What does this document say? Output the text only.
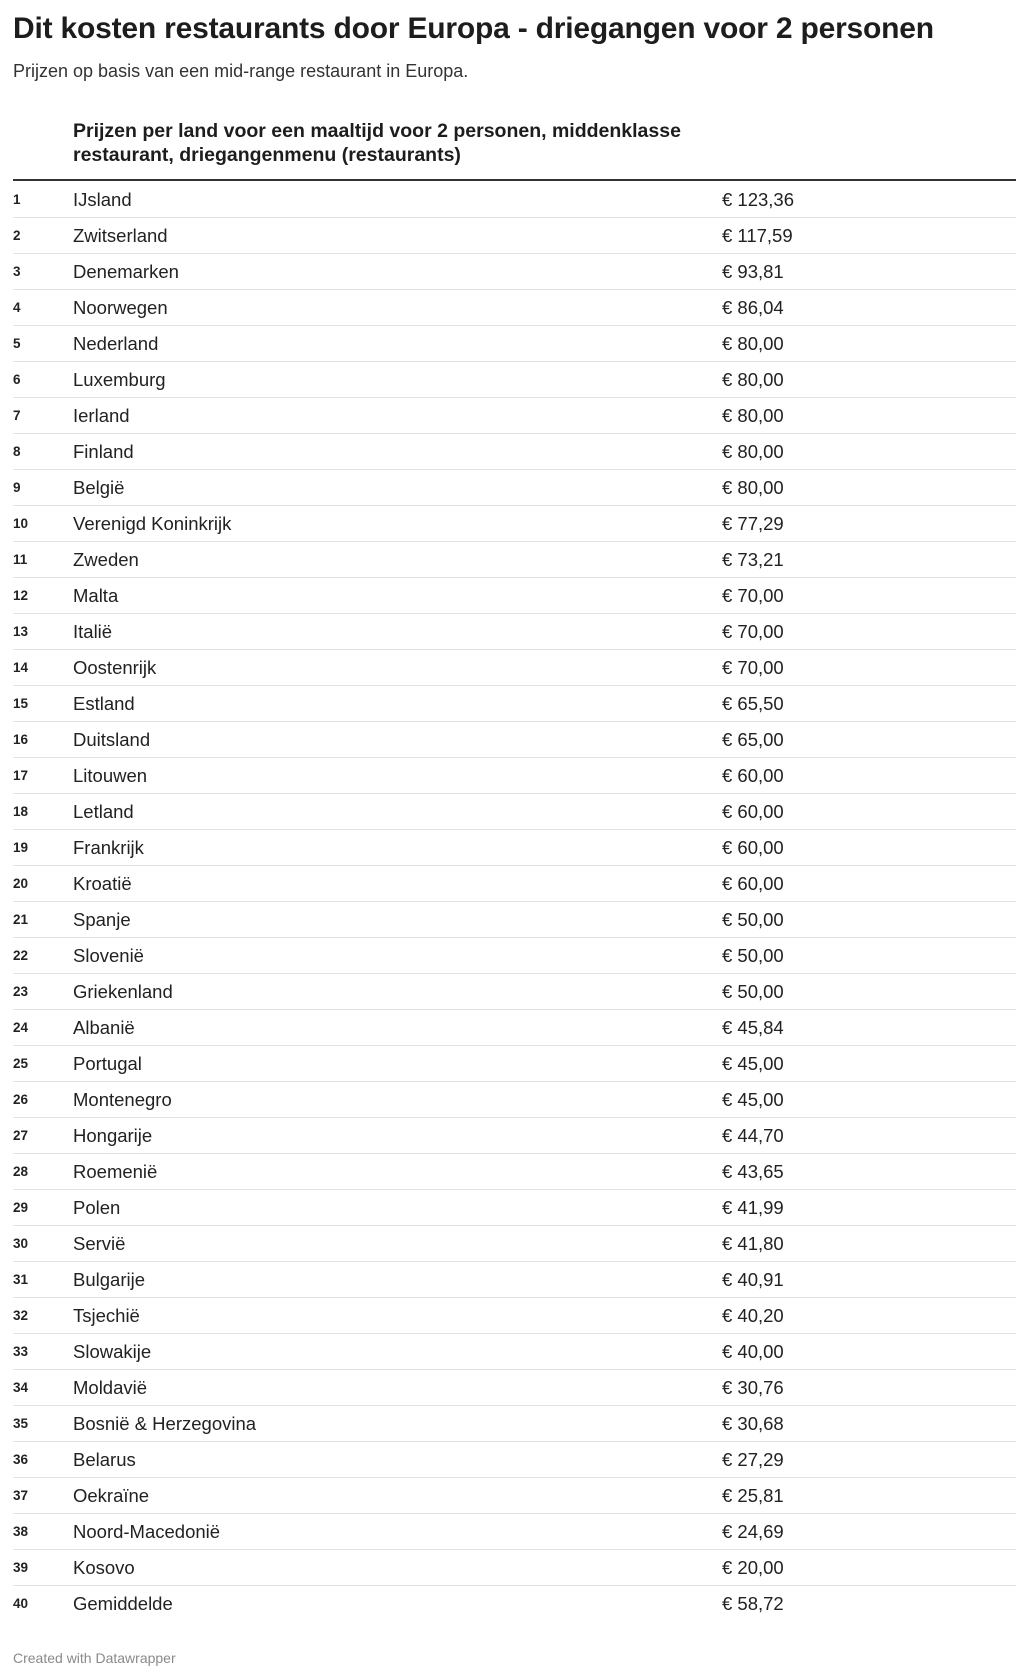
Dit kosten restaurants door Europa - driegangen voor 2 personen

Prijzen op basis van een mid-range restaurant in Europa.

Prijzen per land voor een maaltijd voor 2 personen, middenklasse restaurant, driegangenmenu (restaurants)
1	IJsland	€ 123,36
2	Zwitserland	€ 117,59
3	Denemarken	€ 93,81
4	Noorwegen	€ 86,04
5	Nederland	€ 80,00
6	Luxemburg	€ 80,00
7	Ierland	€ 80,00
8	Finland	€ 80,00
9	België	€ 80,00
10 Verenigd Koninkrijk	€ 77,29
11 Zweden	€ 73,21
12 Malta	€ 70,00
13 Italië	€ 70,00
14 Oostenrijk	€ 70,00
15 Estland	€ 65,50
16 Duitsland	€ 65,00
17 Litouwen	€ 60,00
18 Letland	€ 60,00
19 Frankrijk	€ 60,00
20 Kroatië	€ 60,00
21 Spanje	€ 50,00
22 Slovenië	€ 50,00
23 Griekenland	€ 50,00
24 Albanië	€ 45,84
25 Portugal	€ 45,00
26 Montenegro	€ 45,00
27 Hongarije	€ 44,70
28 Roemenië	€ 43,65
29 Polen	€ 41,99
30 Servië	€ 41,80
31 Bulgarije	€ 40,91
32 Tsjechië	€ 40,20
33 Slowakije	€ 40,00
34 Moldavië	€ 30,76
35 Bosnië & Herzegovina	€ 30,68
36 Belarus	€ 27,29
37 Oekraïne	€ 25,81
38 Noord-Macedonië	€ 24,69
39 Kosovo	€ 20,00
40 Gemiddelde	€ 58,72
Created with Datawrapper
